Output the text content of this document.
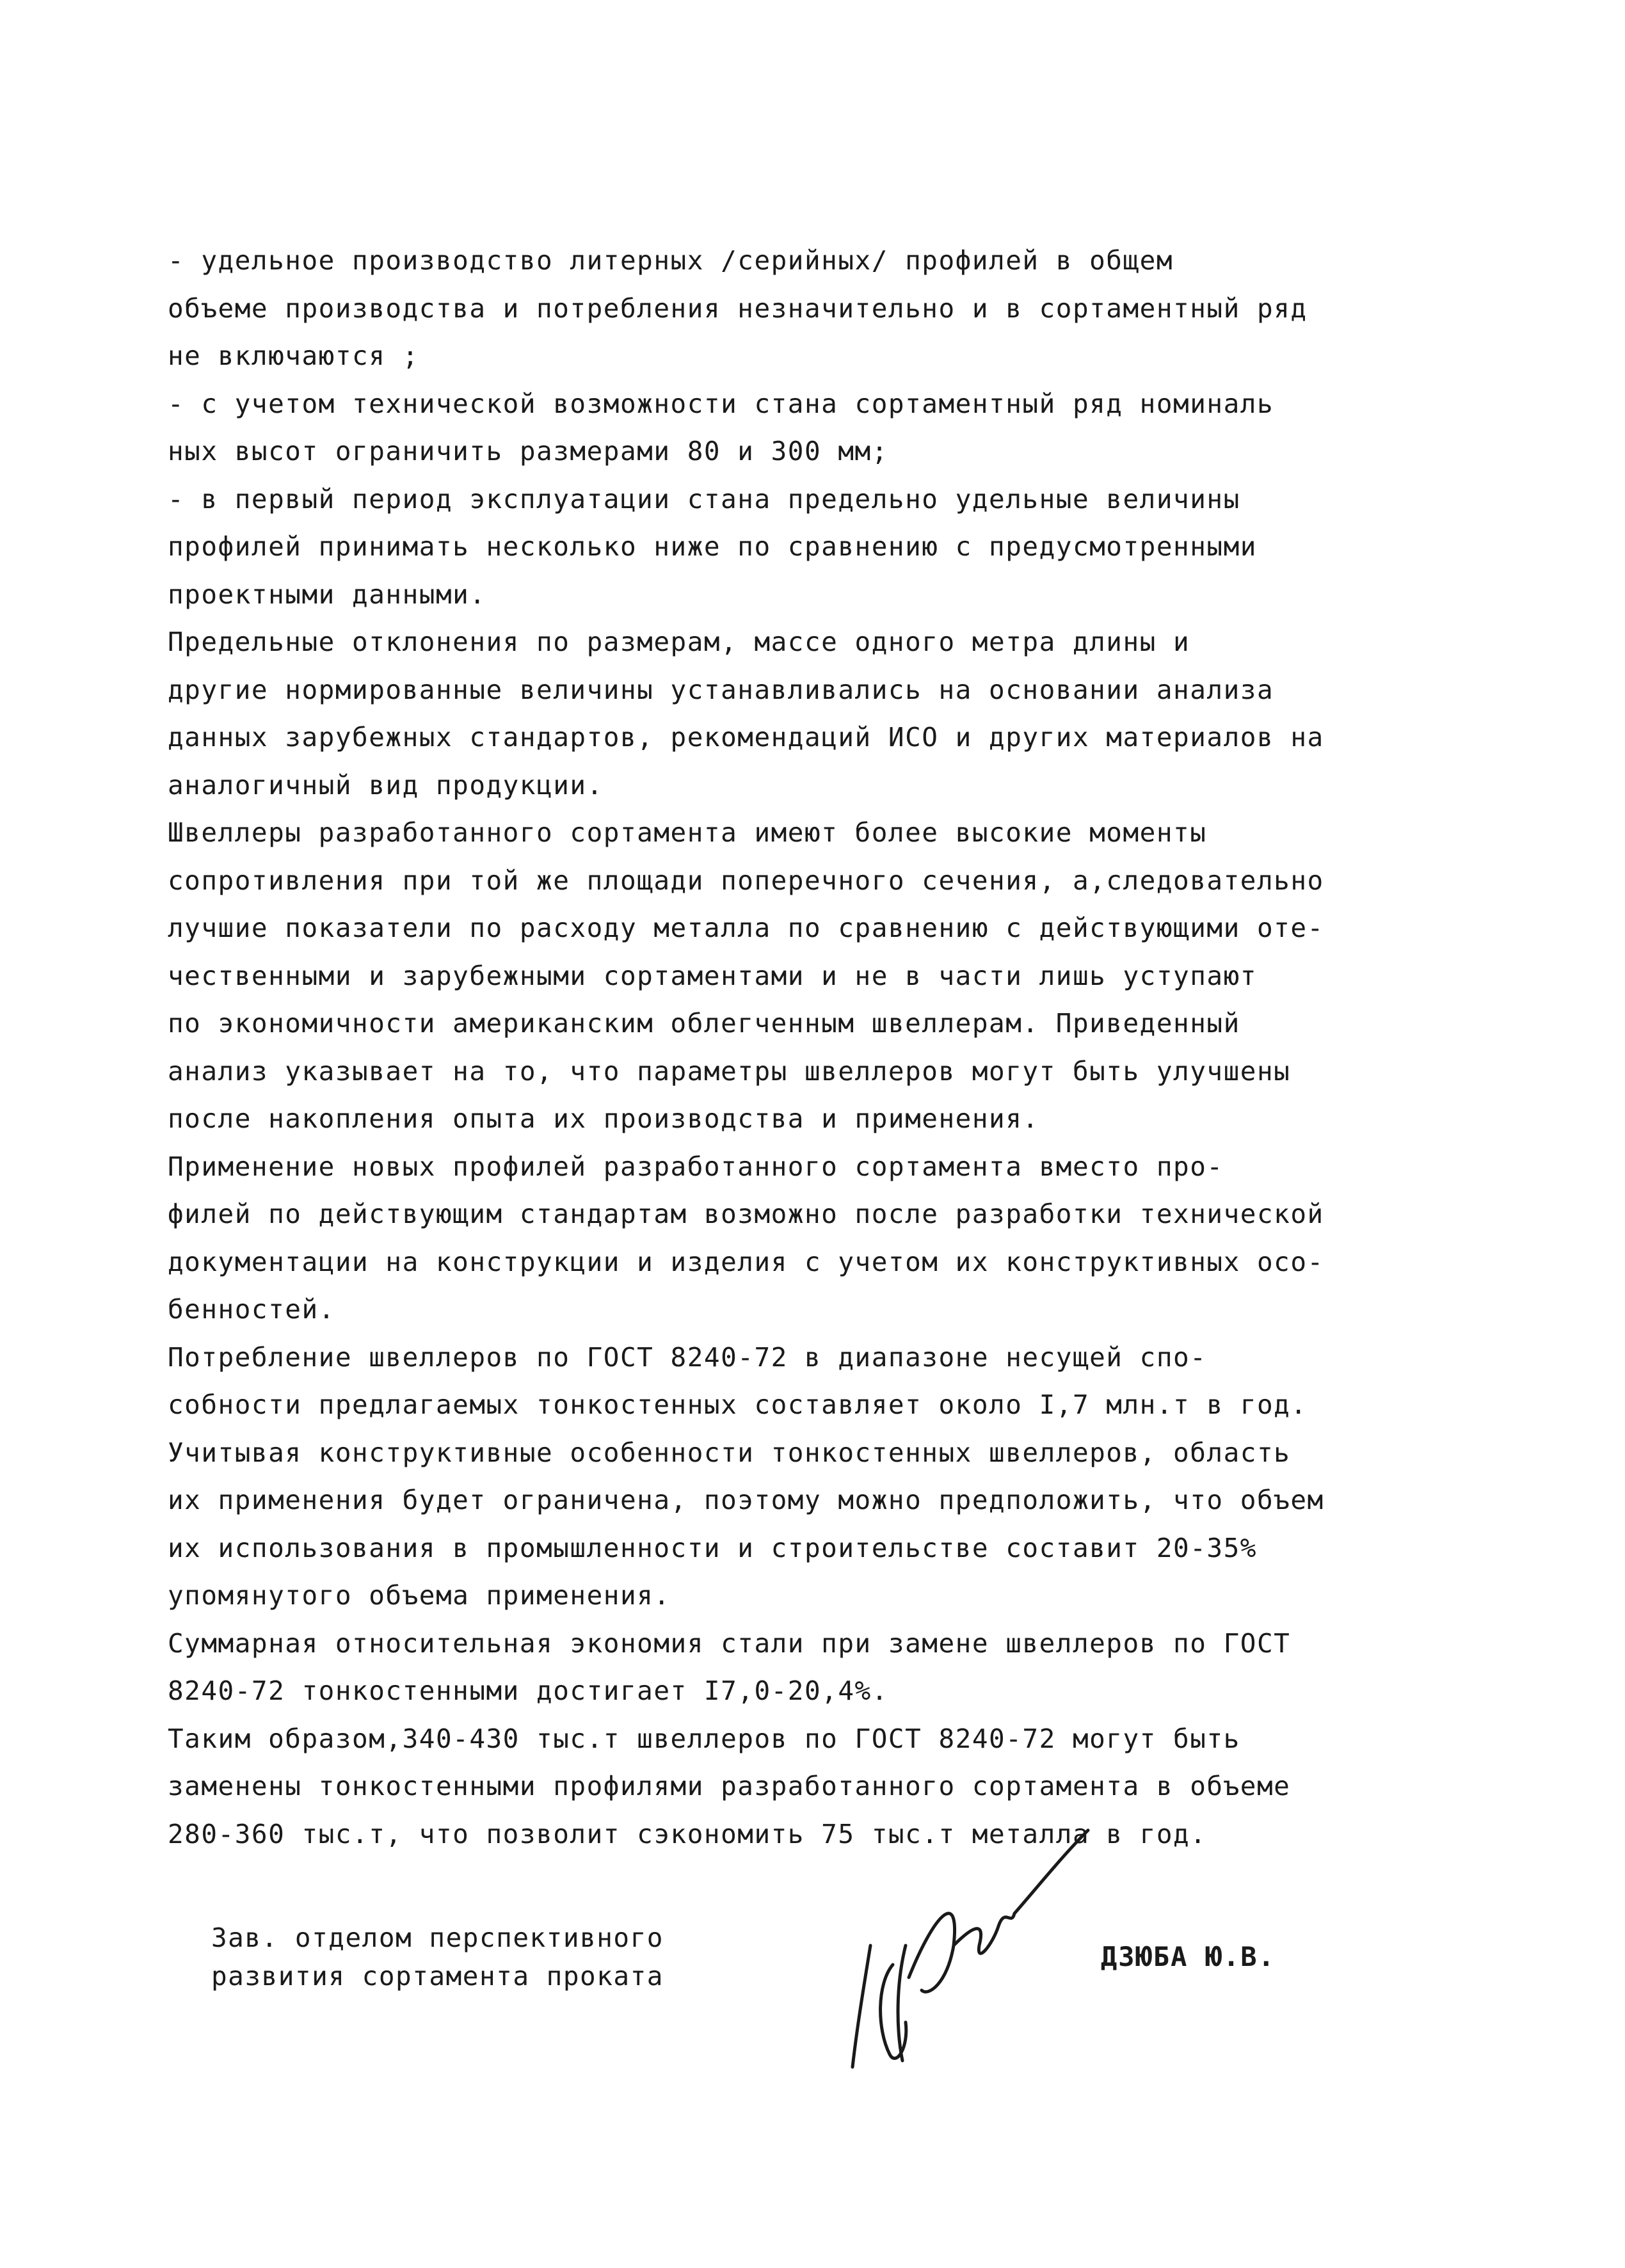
- удельное производство литерных /серийных/ профилей в общем
объеме производства и потребления незначительно и в сортаментный ряд
не включаются ;
- с учетом технической возможности стана сортаментный ряд номиналь
ных высот ограничить размерами 80 и 300 мм;
- в первый период эксплуатации стана предельно удельные величины
профилей принимать несколько ниже по сравнению с предусмотренными
проектными данными.
Предельные отклонения по размерам, массе одного метра длины и
другие нормированные величины устанавливались на основании анализа
данных зарубежных стандартов, рекомендаций ИСО и других материалов на
аналогичный вид продукции.
Швеллеры разработанного сортамента имеют более высокие моменты
сопротивления при той же площади поперечного сечения, а,следовательно
лучшие показатели по расходу металла по сравнению с действующими оте-
чественными и зарубежными сортаментами и не в части лишь уступают
по экономичности американским облегченным швеллерам. Приведенный
анализ указывает на то, что параметры швеллеров могут быть улучшены
после накопления опыта их производства и применения.
Применение новых профилей разработанного сортамента вместо про-
филей по действующим стандартам возможно после разработки технической
документации на конструкции и изделия с учетом их конструктивных осо-
бенностей.
Потребление швеллеров по ГОСТ 8240-72 в диапазоне несущей спо-
собности предлагаемых тонкостенных составляет около I,7 млн.т в год.
Учитывая конструктивные особенности тонкостенных швеллеров, область
их применения будет ограничена, поэтому можно предположить, что объем
их использования в промышленности и строительстве составит 20-35%
упомянутого объема применения.
Суммарная относительная экономия стали при замене швеллеров по ГОСТ
8240-72 тонкостенными достигает I7,0-20,4%.
Таким образом,340-430 тыс.т швеллеров по ГОСТ 8240-72 могут быть
заменены тонкостенными профилями разработанного сортамента в объеме
280-360 тыс.т, что позволит сэкономить 75 тыс.т металла в год.
Зав. отделом перспективного
развития сортамента проката
ДЗЮБА Ю.В.
